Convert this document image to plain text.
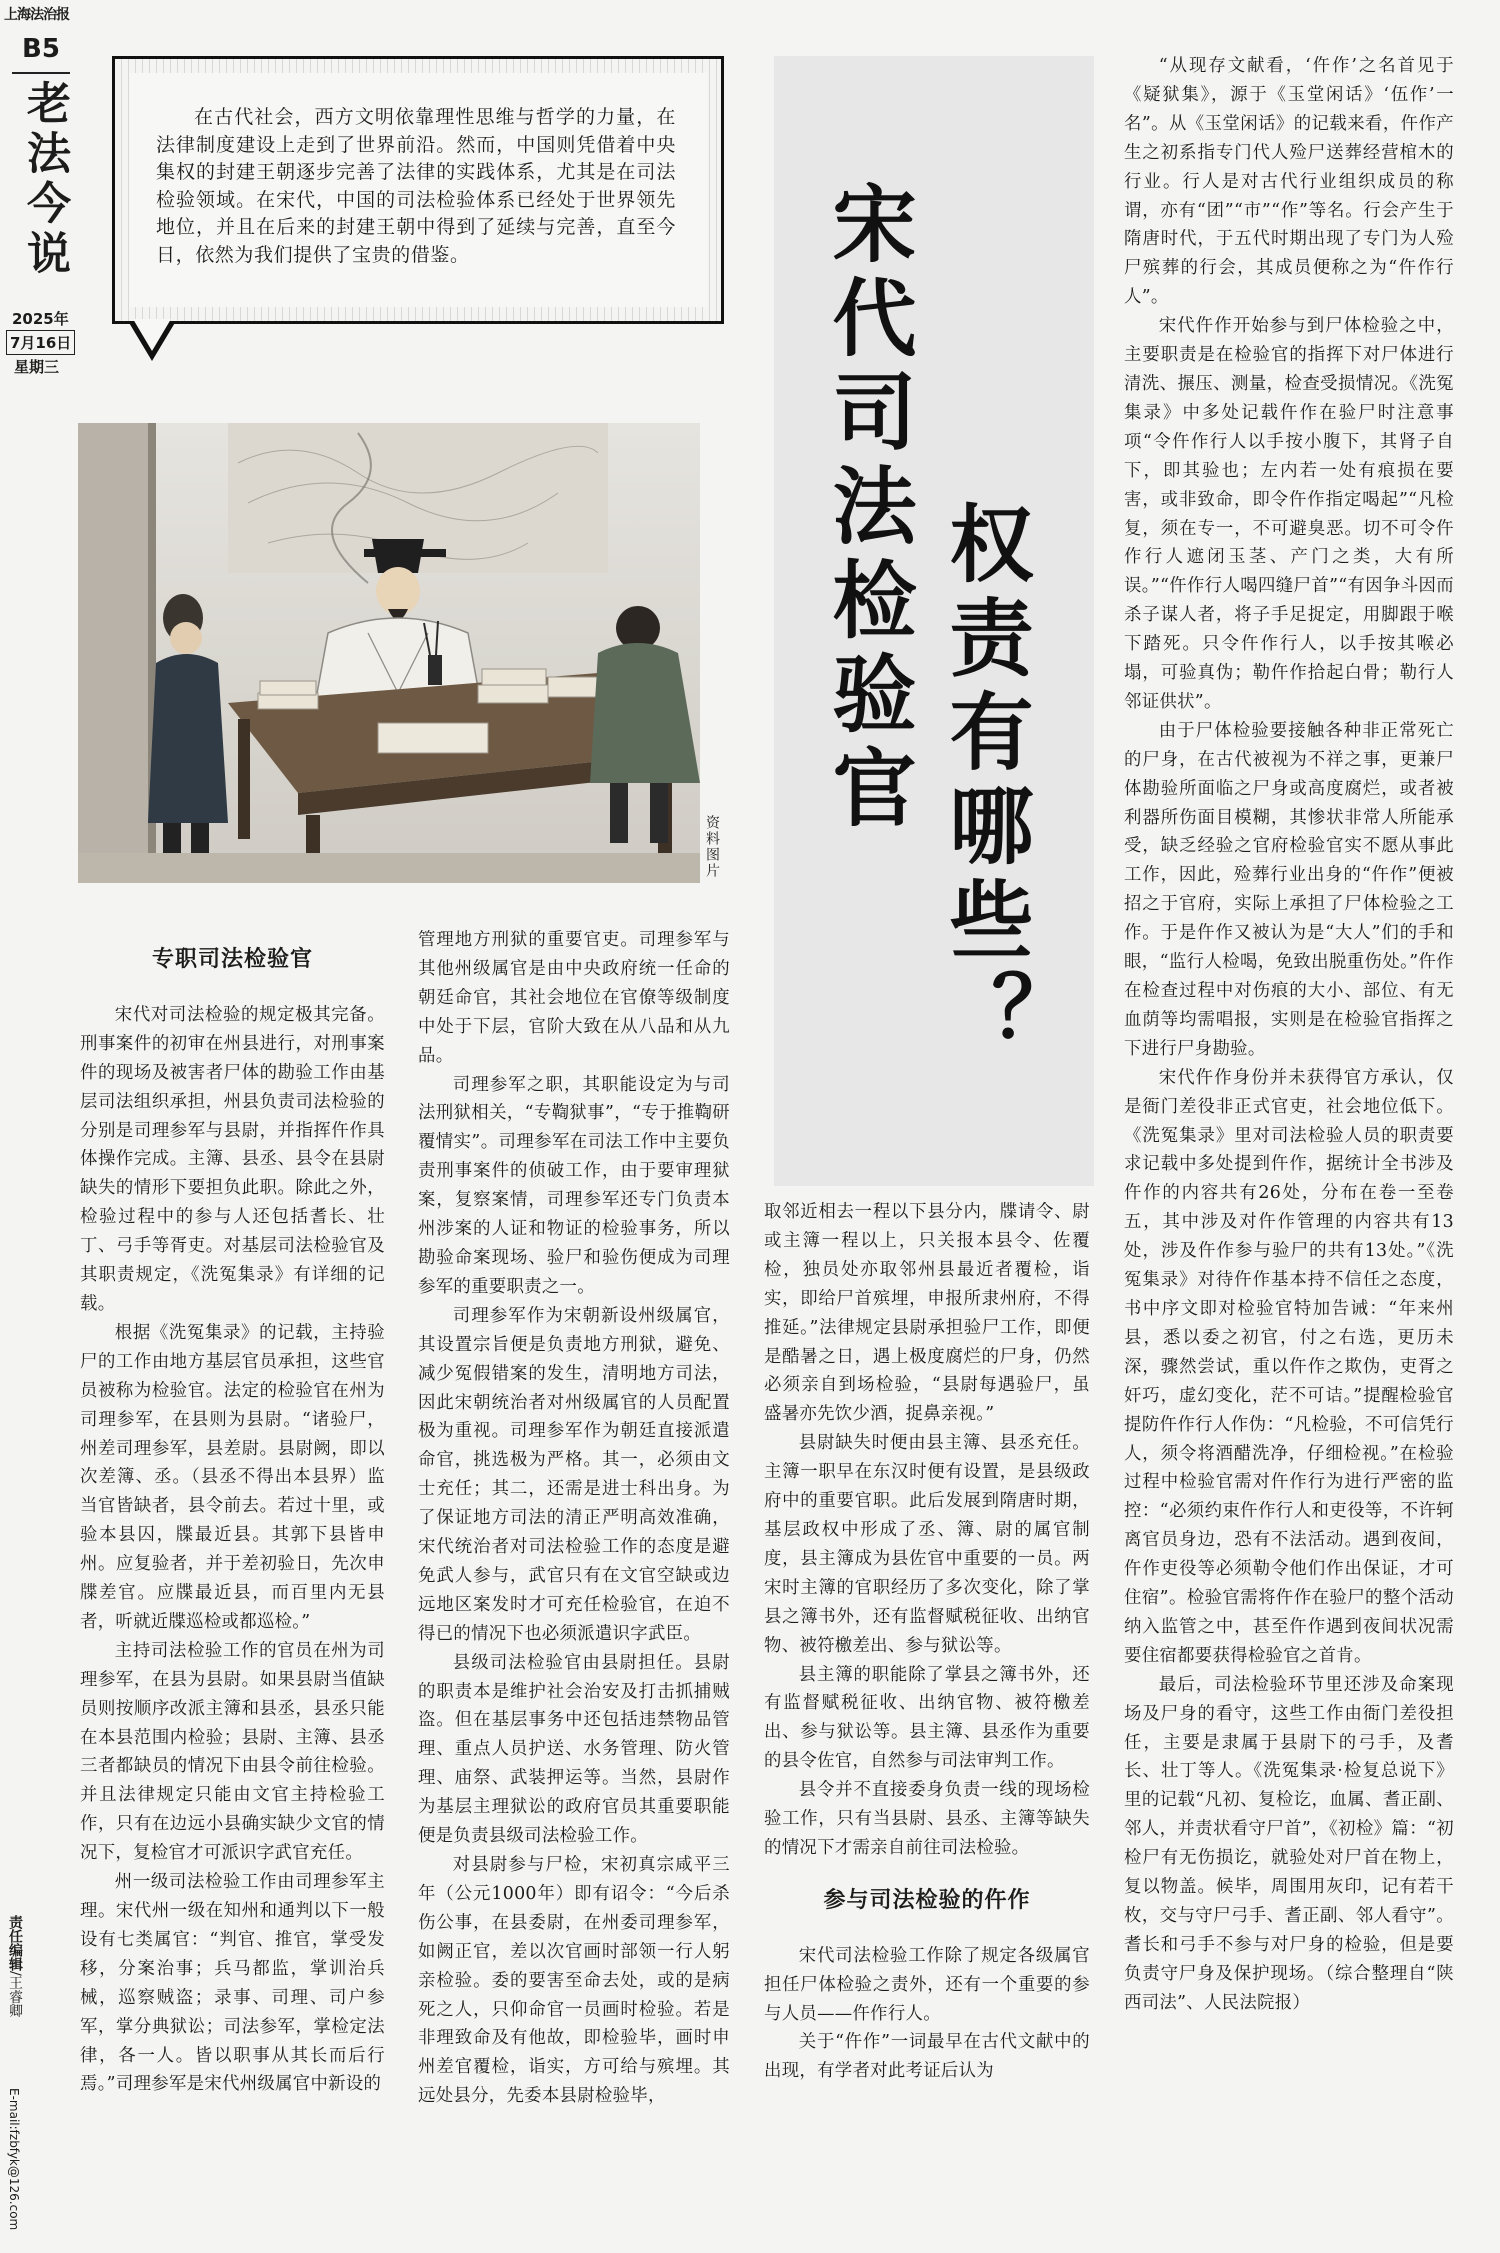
上海法治报
B5
老法今说
2025年
7月16日
星期三
责任编辑/王睿卿
E-mail:fzbfyk@126.com
在古代社会，西方文明依靠理性思维与哲学的力量，在法律制度建设上走到了世界前沿。然而，中国则凭借着中央集权的封建王朝逐步完善了法律的实践体系，尤其是在司法检验领域。在宋代，中国的司法检验体系已经处于世界领先地位，并且在后来的封建王朝中得到了延续与完善，直至今日，依然为我们提供了宝贵的借鉴。	宋代司法检验官 权责有哪些？
资料图片
专职司法检验官

宋代对司法检验的规定极其完备。刑事案件的初审在州县进行，对刑事案件的现场及被害者尸体的勘验工作由基层司法组织承担，州县负责司法检验的分别是司理参军与县尉，并指挥仵作具体操作完成。主簿、县丞、县令在县尉缺失的情形下要担负此职。除此之外，检验过程中的参与人还包括耆长、壮丁、弓手等胥吏。对基层司法检验官及其职责规定，《洗冤集录》有详细的记载。

根据《洗冤集录》的记载，主持验尸的工作由地方基层官员承担，这些官员被称为检验官。法定的检验官在州为司理参军，在县则为县尉。“诸验尸，州差司理参军，县差尉。县尉阙，即以次差簿、丞。（县丞不得出本县界）监当官皆缺者，县令前去。若过十里，或验本县囚，牒最近县。其郭下县皆申州。应复验者，并于差初验日，先次申牒差官。应牒最近县，而百里内无县者，听就近牒巡检或都巡检。”

主持司法检验工作的官员在州为司理参军，在县为县尉。如果县尉当值缺员则按顺序改派主簿和县丞，县丞只能在本县范围内检验；县尉、主簿、县丞三者都缺员的情况下由县令前往检验。并且法律规定只能由文官主持检验工作，只有在边远小县确实缺少文官的情况下，复检官才可派识字武官充任。

州一级司法检验工作由司理参军主理。宋代州一级在知州和通判以下一般设有七类属官：“判官、推官，掌受发移，分案治事；兵马都监，掌训治兵械，巡察贼盗；录事、司理、司户参军，掌分典狱讼；司法参军，掌检定法律，各一人。皆以职事从其长而后行焉。”司理参军是宋代州级属官中新设的

管理地方刑狱的重要官吏。司理参军与其他州级属官是由中央政府统一任命的朝廷命官，其社会地位在官僚等级制度中处于下层，官阶大致在从八品和从九品。

司理参军之职，其职能设定为与司法刑狱相关，“专鞫狱事”，“专于推鞫研覆情实”。司理参军在司法工作中主要负责刑事案件的侦破工作，由于要审理狱案，复察案情，司理参军还专门负责本州涉案的人证和物证的检验事务，所以勘验命案现场、验尸和验伤便成为司理参军的重要职责之一。

司理参军作为宋朝新设州级属官，其设置宗旨便是负责地方刑狱，避免、减少冤假错案的发生，清明地方司法，因此宋朝统治者对州级属官的人员配置极为重视。司理参军作为朝廷直接派遣命官，挑选极为严格。其一，必须由文士充任；其二，还需是进士科出身。为了保证地方司法的清正严明高效准确，宋代统治者对司法检验工作的态度是避免武人参与，武官只有在文官空缺或边远地区案发时才可充任检验官，在迫不得已的情况下也必须派遣识字武臣。

县级司法检验官由县尉担任。县尉的职责本是维护社会治安及打击抓捕贼盗。但在基层事务中还包括违禁物品管理、重点人员护送、水务管理、防火管理、庙祭、武装押运等。当然，县尉作为基层主理狱讼的政府官员其重要职能便是负责县级司法检验工作。

对县尉参与尸检，宋初真宗咸平三年（公元1000年）即有诏令：“今后杀伤公事，在县委尉，在州委司理参军，如阙正官，差以次官画时部领一行人躬亲检验。委的要害至命去处，或的是病死之人，只仰命官一员画时检验。若是非理致命及有他故，即检验毕，画时申州差官覆检，诣实，方可给与殡埋。其远处县分，先委本县尉检验毕，

取邻近相去一程以下县分内，牒请令、尉或主簿一程以上，只关报本县令、佐覆检，独员处亦取邻州县最近者覆检，诣实，即给尸首殡埋，申报所隶州府，不得推延。”法律规定县尉承担验尸工作，即便是酷暑之日，遇上极度腐烂的尸身，仍然必须亲自到场检验，“县尉每遇验尸，虽盛暑亦先饮少酒，捉鼻亲视。”

县尉缺失时便由县主簿、县丞充任。主簿一职早在东汉时便有设置，是县级政府中的重要官职。此后发展到隋唐时期，基层政权中形成了丞、簿、尉的属官制度，县主簿成为县佐官中重要的一员。两宋时主簿的官职经历了多次变化，除了掌县之簿书外，还有监督赋税征收、出纳官物、被符檄差出、参与狱讼等。

县主簿的职能除了掌县之簿书外，还有监督赋税征收、出纳官物、被符檄差出、参与狱讼等。县主簿、县丞作为重要的县令佐官，自然参与司法审判工作。

县令并不直接委身负责一线的现场检验工作，只有当县尉、县丞、主簿等缺失的情况下才需亲自前往司法检验。

参与司法检验的仵作

宋代司法检验工作除了规定各级属官担任尸体检验之责外，还有一个重要的参与人员——仵作行人。

关于“仵作”一词最早在古代文献中的出现，有学者对此考证后认为

“从现存文献看，‘仵作’之名首见于《疑狱集》，源于《玉堂闲话》‘伍作’一名”。从《玉堂闲话》的记载来看，仵作产生之初系指专门代人殓尸送葬经营棺木的行业。行人是对古代行业组织成员的称谓，亦有“团”“市”“作”等名。行会产生于隋唐时代，于五代时期出现了专门为人殓尸殡葬的行会，其成员便称之为“仵作行人”。

宋代仵作开始参与到尸体检验之中，主要职责是在检验官的指挥下对尸体进行清洗、搌压、测量，检查受损情况。《洗冤集录》中多处记载仵作在验尸时注意事项“令仵作行人以手按小腹下，其肾子自下，即其验也；左内若一处有痕损在要害，或非致命，即令仵作指定喝起”“凡检复，须在专一，不可避臭恶。切不可令仵作行人遮闭玉茎、产门之类，大有所误。”“仵作行人喝四缝尸首”“有因争斗因而杀子谋人者，将子手足捉定，用脚跟于喉下踏死。只令仵作行人，以手按其喉必塌，可验真伪；勒仵作拾起白骨；勒行人邻证供状”。

由于尸体检验要接触各种非正常死亡的尸身，在古代被视为不祥之事，更兼尸体勘验所面临之尸身或高度腐烂，或者被利器所伤面目模糊，其惨状非常人所能承受，缺乏经验之官府检验官实不愿从事此工作，因此，殓葬行业出身的“仵作”便被招之于官府，实际上承担了尸体检验之工作。于是仵作又被认为是“大人”们的手和眼，“监行人检喝，免致出脱重伤处。”仵作在检查过程中对伤痕的大小、部位、有无血荫等均需唱报，实则是在检验官指挥之下进行尸身勘验。

宋代仵作身份并未获得官方承认，仅是衙门差役非正式官吏，社会地位低下。《洗冤集录》里对司法检验人员的职责要求记载中多处提到仵作，据统计全书涉及仵作的内容共有26处，分布在卷一至卷五，其中涉及对仵作管理的内容共有13处，涉及仵作参与验尸的共有13处。”《洗冤集录》对待仵作基本持不信任之态度，书中序文即对检验官特加告诫：“年来州县，悉以委之初官，付之右选，更历未深，骤然尝试，重以仵作之欺伪，吏胥之奸巧，虚幻变化，茫不可诘。”提醒检验官提防仵作行人作伪：“凡检验，不可信凭行人，须令将酒醋洗净，仔细检视。”在检验过程中检验官需对仵作行为进行严密的监控：“必须约束仵作行人和吏役等，不许轲离官员身边，恐有不法活动。遇到夜间，仵作吏役等必须勒令他们作出保证，才可住宿”。检验官需将仵作在验尸的整个活动纳入监管之中，甚至仵作遇到夜间状况需要住宿都要获得检验官之首肯。

最后，司法检验环节里还涉及命案现场及尸身的看守，这些工作由衙门差役担任，主要是隶属于县尉下的弓手，及耆长、壮丁等人。《洗冤集录·检复总说下》里的记载“凡初、复检讫，血属、耆正副、邻人，并责状看守尸首”，《初检》篇：“初检尸有无伤损讫，就验处对尸首在物上，复以物盖。候毕，周围用灰印，记有若干枚，交与守尸弓手、耆正副、邻人看守”。耆长和弓手不参与对尸身的检验，但是要负责守尸身及保护现场。（综合整理自“陕西司法”、人民法院报）
